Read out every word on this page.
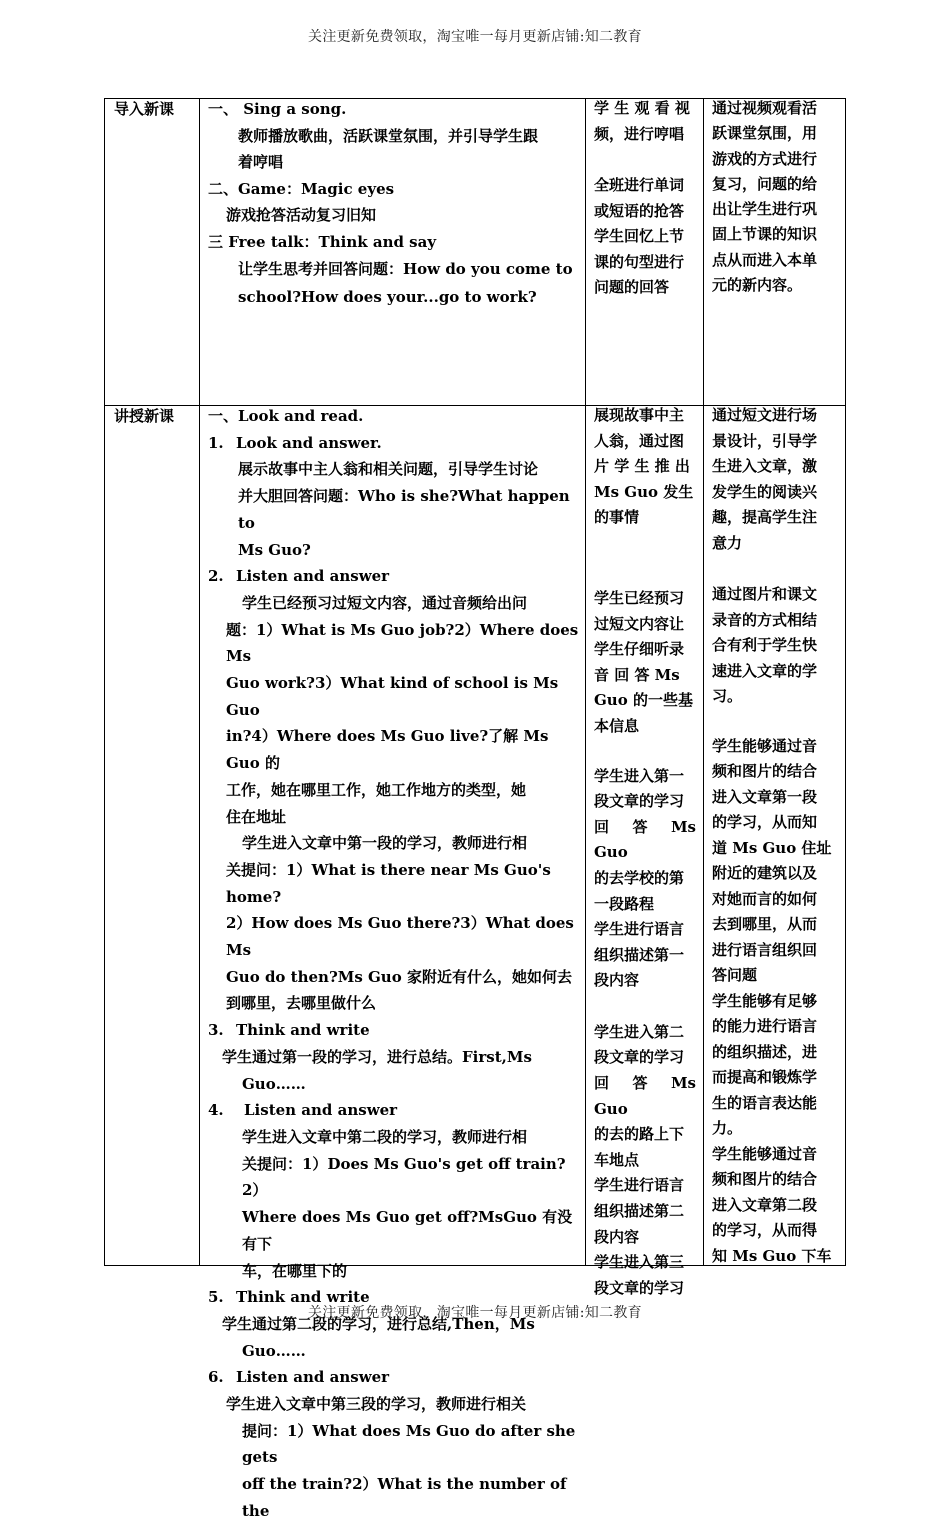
关注更新免费领取，淘宝唯一每月更新店铺:知二教育
导入新课 一、 Sing a song.

教师播放歌曲，活跃课堂氛围，并引导学生跟

着哼唱

二、Game：Magic eyes

游戏抢答活动复习旧知

三 Free talk：Think and say

让学生思考并回答问题：How do you come to

school?How does your...go to work?

学 生 观 看 视

频，进行哼唱

全班进行单词

或短语的抢答

学生回忆上节

课的句型进行

问题的回答

通过视频观看活

跃课堂氛围，用

游戏的方式进行

复习，问题的给

出让学生进行巩

固上节课的知识

点从而进入本单

元的新内容。

讲授新课 一、Look and read.

1. Look and answer.

展示故事中主人翁和相关问题，引导学生讨论

并大胆回答问题：Who is she?What happen to

Ms Guo?

2. Listen and answer

学生已经预习过短文内容，通过音频给出问

题：1）What is Ms Guo job?2）Where does Ms

Guo work?3）What kind of school is Ms Guo

in?4）Where does Ms Guo live?了解 Ms Guo 的

工作，她在哪里工作，她工作地方的类型，她

住在地址

学生进入文章中第一段的学习，教师进行相

关提问：1）What is there near Ms Guo's home?

2）How does Ms Guo there?3）What does Ms

Guo do then?Ms Guo 家附近有什么，她如何去

到哪里，去哪里做什么

3. Think and write

学生通过第一段的学习，进行总结。First,Ms

Guo……

4. Listen and answer

学生进入文章中第二段的学习，教师进行相

关提问：1）Does Ms Guo's get off train?2）

Where does Ms Guo get off?MsGuo 有没有下

车，在哪里下的

5. Think and write

学生通过第二段的学习，进行总结,Then，Ms

Guo……

6. Listen and answer

学生进入文章中第三段的学习，教师进行相关

提问：1）What does Ms Guo do after she gets

off the train?2）What is the number of the

展现故事中主

人翁，通过图

片 学 生 推 出

Ms Guo 发生

的事情

学生已经预习

过短文内容让

学生仔细听录

音 回 答 Ms

Guo 的一些基

本信息

学生进入第一

段文章的学习

回 答 Ms Guo

的去学校的第

一段路程

学生进行语言

组织描述第一

段内容

学生进入第二

段文章的学习

回 答 Ms Guo

的去的路上下

车地点

学生进行语言

组织描述第二

段内容

学生进入第三

段文章的学习

通过短文进行场

景设计，引导学

生进入文章，激

发学生的阅读兴

趣，提高学生注

意力

通过图片和课文

录音的方式相结

合有利于学生快

速进入文章的学

习。

学生能够通过音

频和图片的结合

进入文章第一段

的学习，从而知

道 Ms Guo 住址

附近的建筑以及

对她而言的如何

去到哪里，从而

进行语言组织回

答问题

学生能够有足够

的能力进行语言

的组织描述，进

而提高和锻炼学

生的语言表达能

力。

学生能够通过音

频和图片的结合

进入文章第二段

的学习，从而得

知 Ms Guo 下车

关注更新免费领取，淘宝唯一每月更新店铺:知二教育
